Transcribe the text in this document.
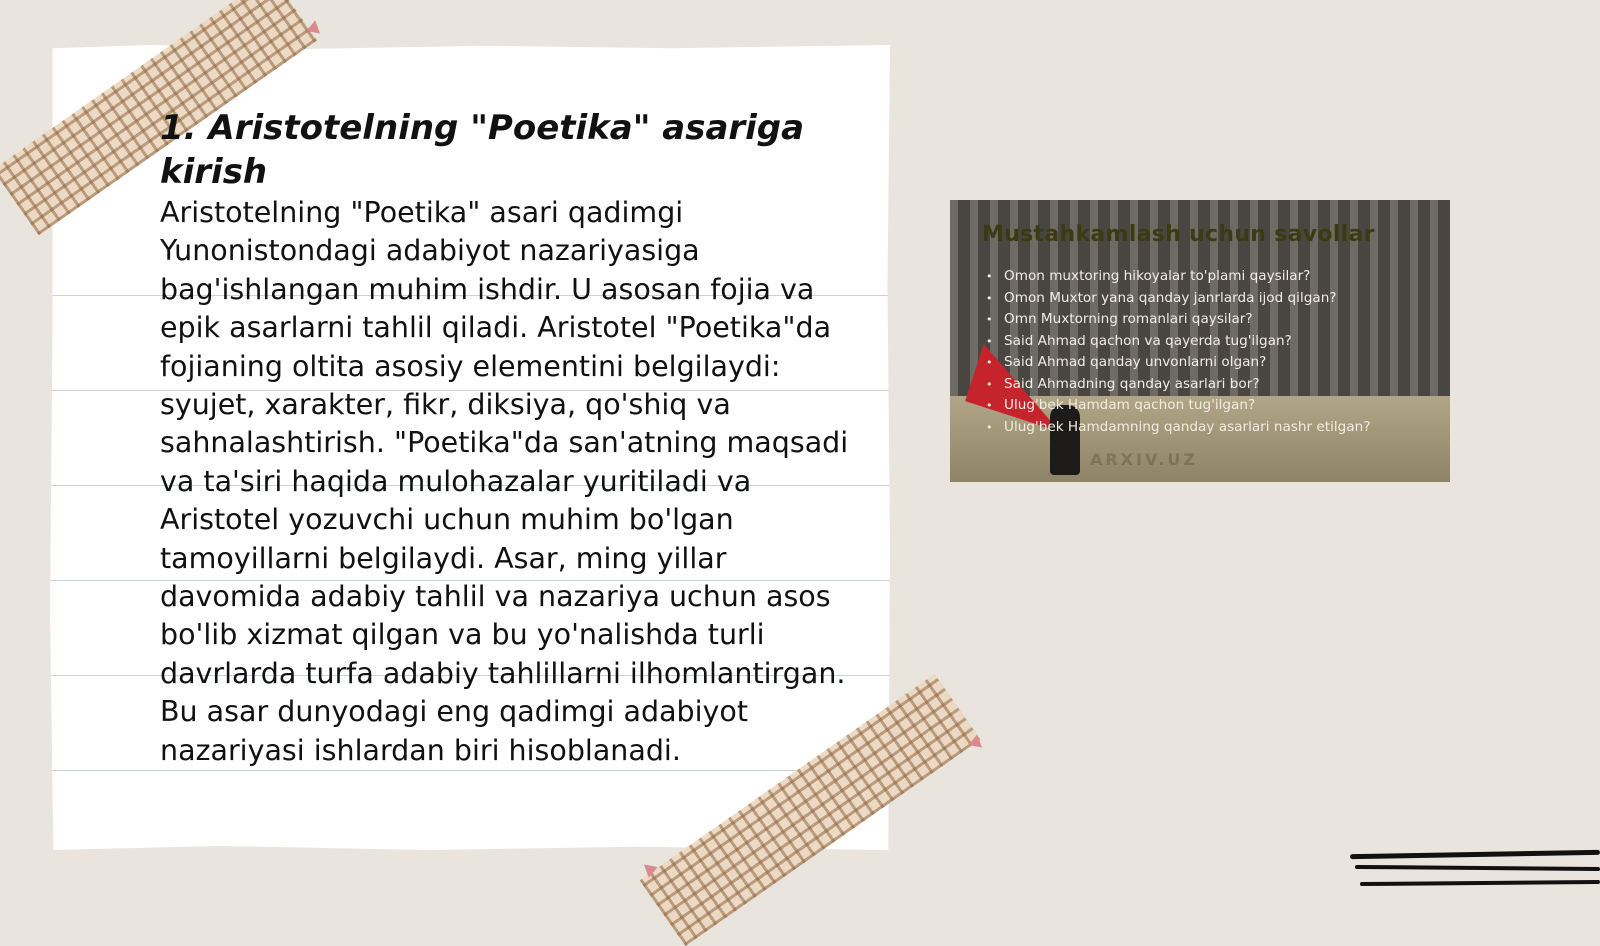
1. Aristotelning "Poetika" asariga kirish

Aristotelning "Poetika" asari qadimgi Yunonistondagi adabiyot nazariyasiga bag'ishlangan muhim ishdir. U asosan fojia va epik asarlarni tahlil qiladi. Aristotel "Poetika"da fojianing oltita asosiy elementini belgilaydi: syujet, xarakter, fikr, diksiya, qo'shiq va sahnalashtirish. "Poetika"da san'atning maqsadi va ta'siri haqida mulohazalar yuritiladi va Aristotel yozuvchi uchun muhim bo'lgan tamoyillarni belgilaydi. Asar, ming yillar davomida adabiy tahlil va nazariya uchun asos bo'lib xizmat qilgan va bu yo'nalishda turli davrlarda turfa adabiy tahlillarni ilhomlantirgan. Bu asar dunyodagi eng qadimgi adabiyot nazariyasi ishlardan biri hisoblanadi.

Mustahkamlash uchun savollar
• Omon muxtoring hikoyalar to'plami qaysilar?
• Omon Muxtor yana qanday janrlarda ijod qilgan?
• Omn Muxtorning romanlari qaysilar?
• Said Ahmad qachon va qayerda tug'ilgan?
• Said Ahmad qanday unvonlarni olgan?
• Said Ahmadning qanday asarlari bor?
• Ulug'bek Hamdam qachon tug'ilgan?
• Ulug'bek Hamdamning qanday asarlari nashr etilgan?
ARXIV.UZ
